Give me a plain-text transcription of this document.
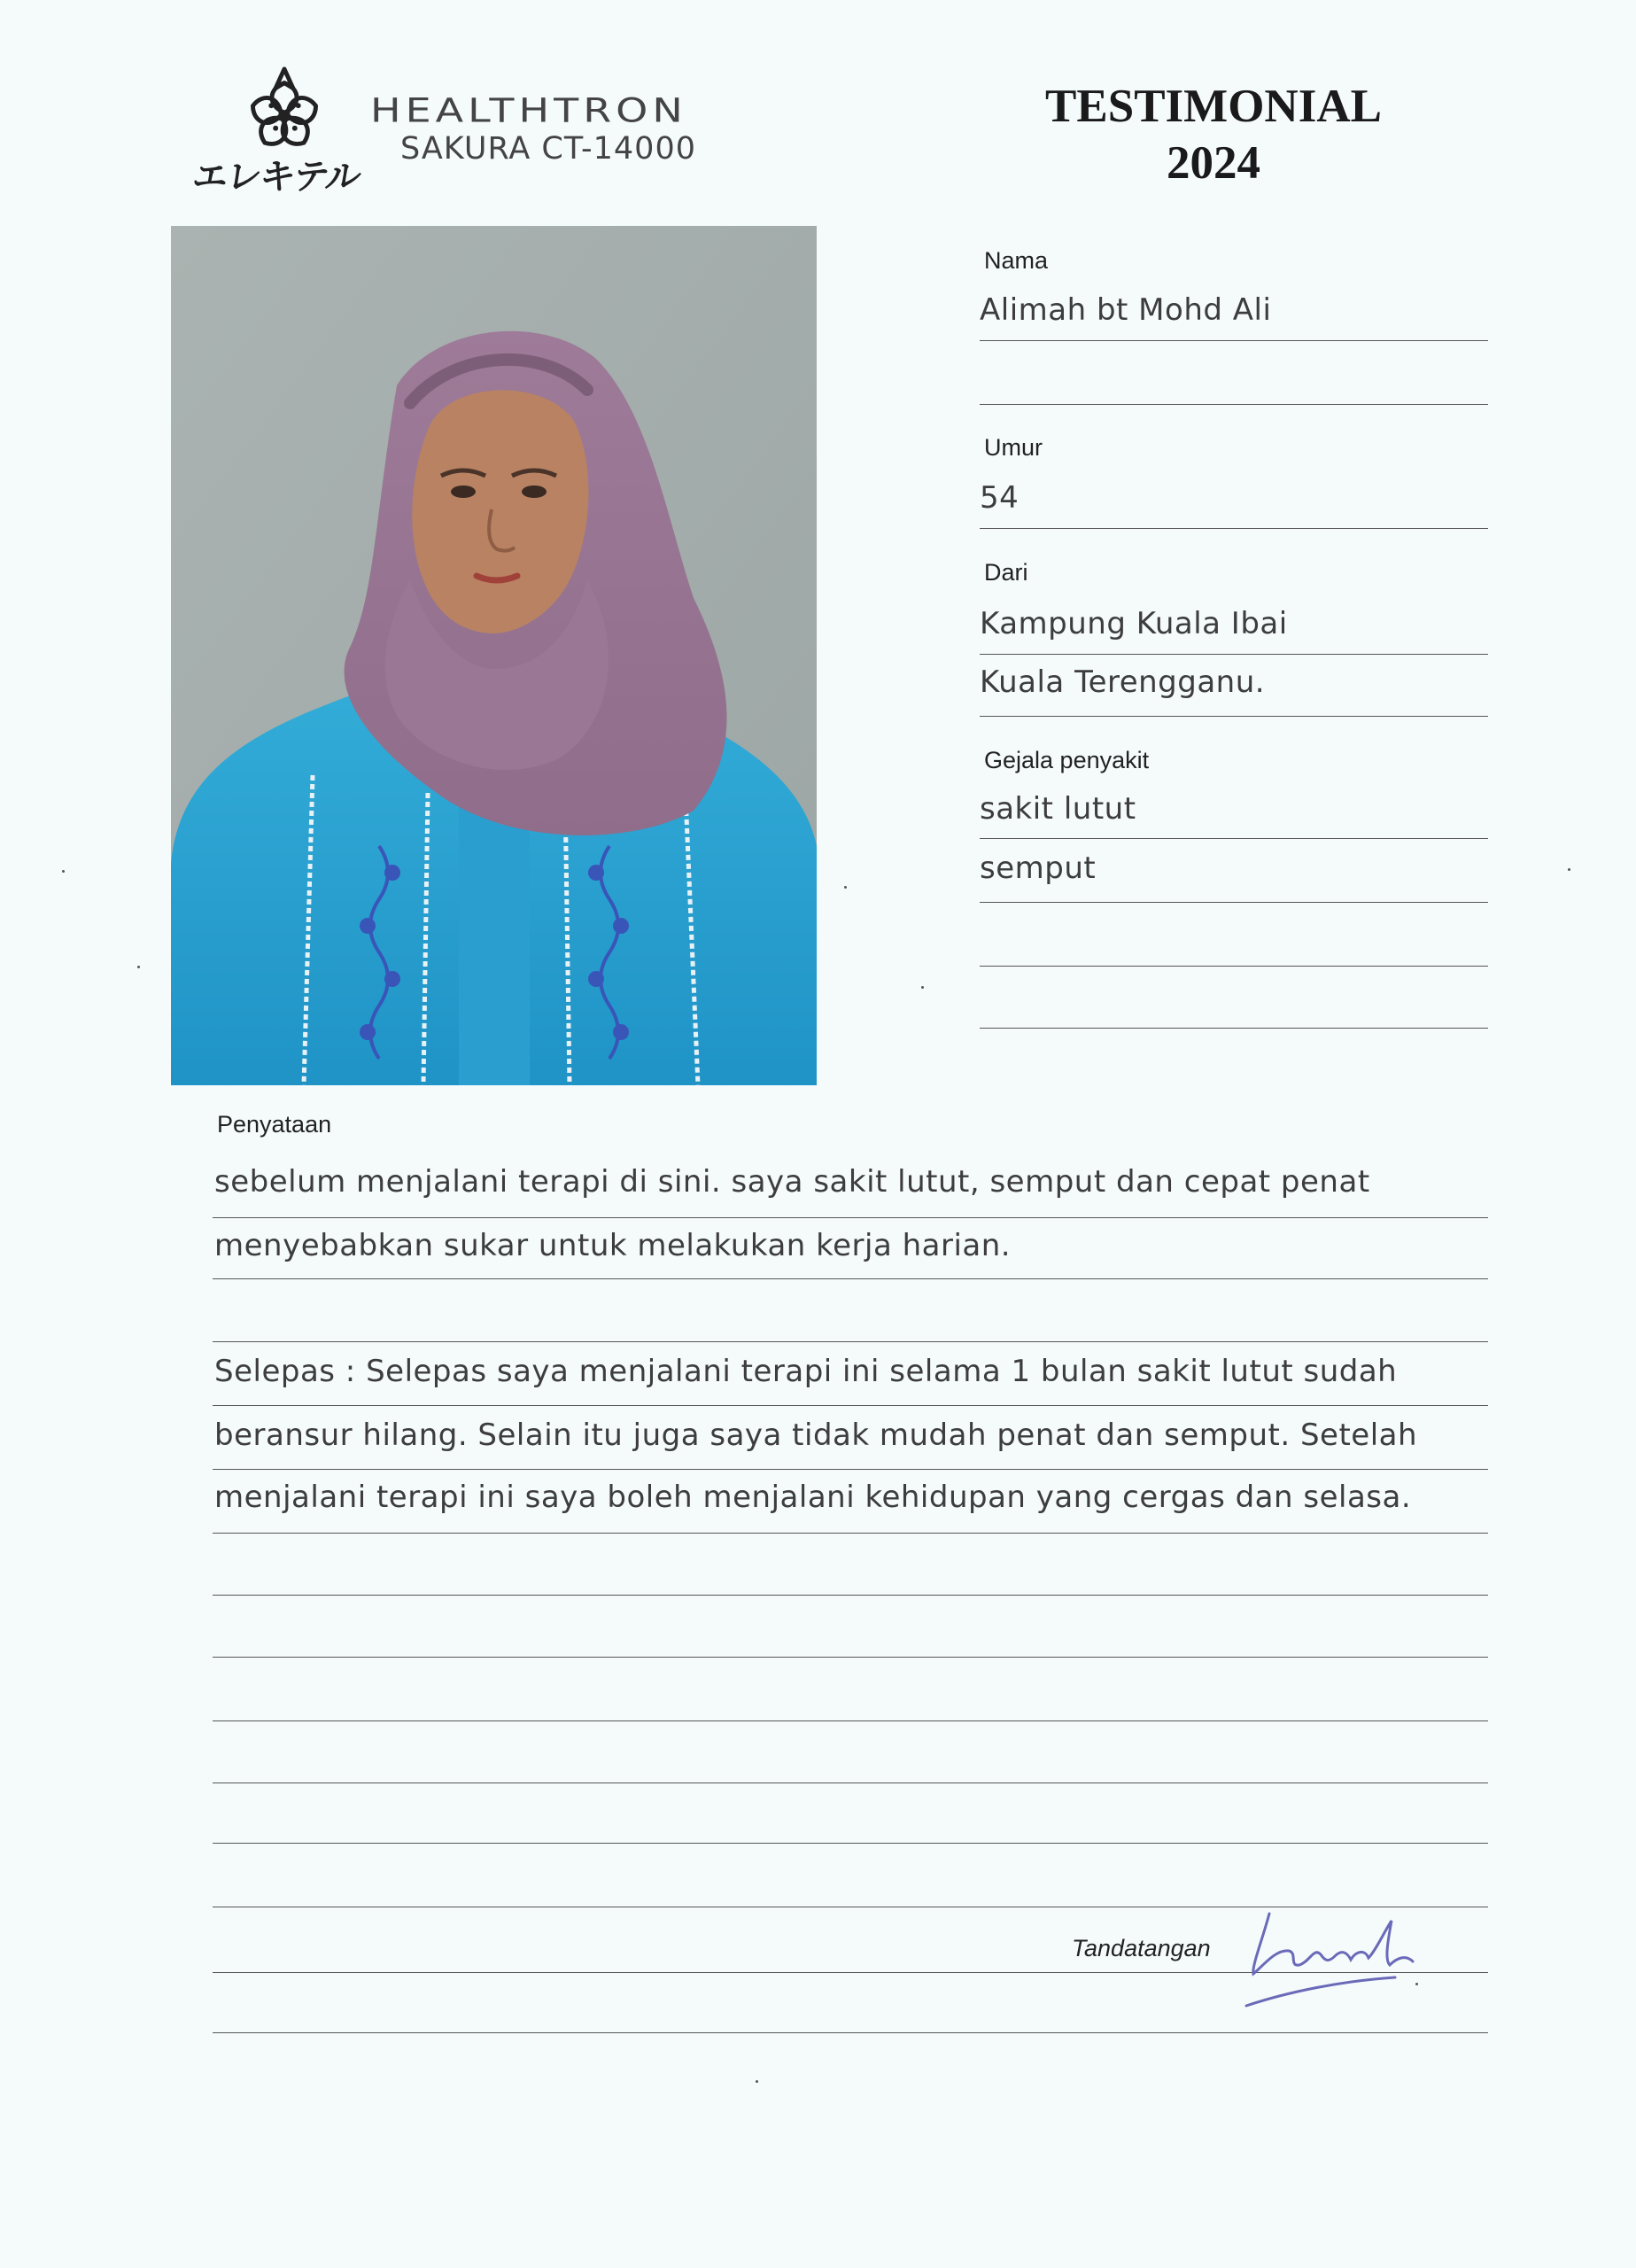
エレキテル
HEALTHTRON
SAKURA CT-14000
TESTIMONIAL
2024
Nama
Alimah bt Mohd Ali
Umur
54
Dari
Kampung Kuala Ibai
Kuala Terengganu.
Gejala penyakit
sakit lutut
semput
Penyataan
sebelum menjalani terapi di sini. saya sakit lutut, semput dan cepat penat
menyebabkan sukar untuk melakukan kerja harian.
Selepas : Selepas saya menjalani terapi ini selama 1 bulan sakit lutut sudah
beransur hilang. Selain itu juga saya tidak mudah penat dan semput. Setelah
menjalani terapi ini saya boleh menjalani kehidupan yang cergas dan selasa.
Tandatangan
